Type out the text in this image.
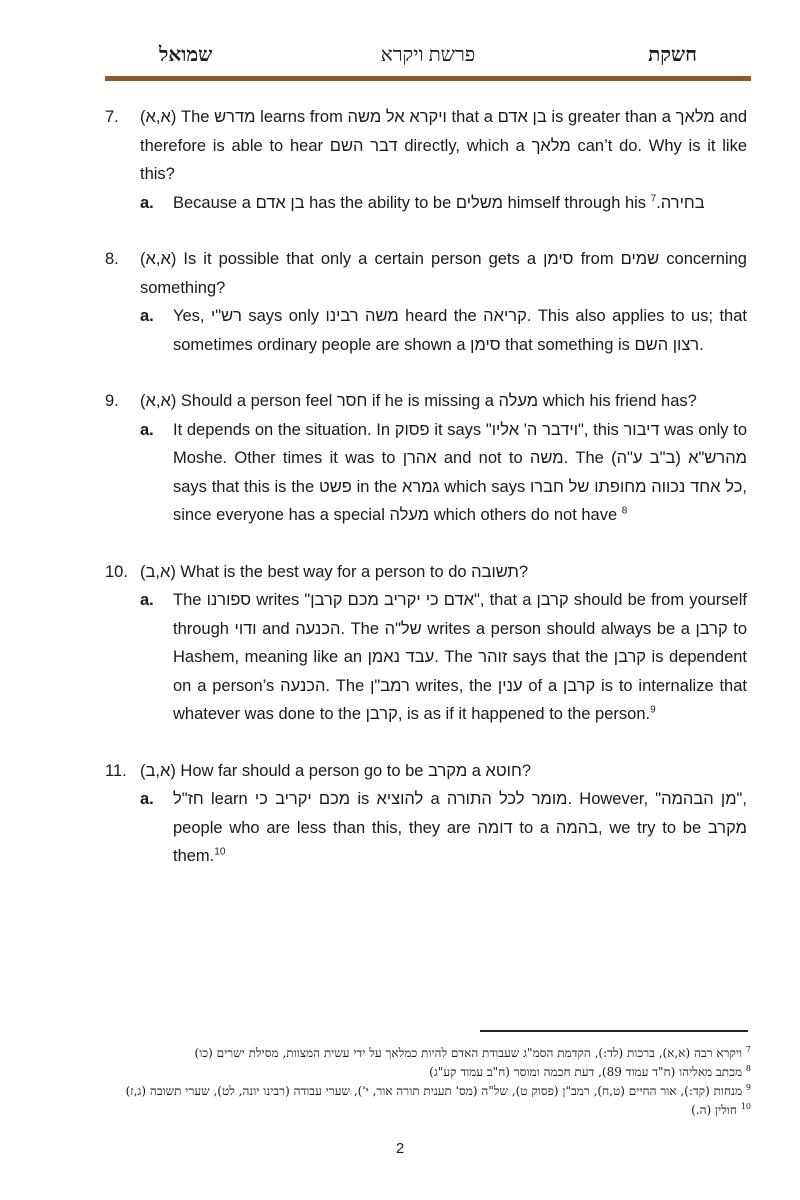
שמואל	פרשת ויקרא	חשקת
7. (א,א) The מדרש learns from ויקרא אל משה that a בן אדם is greater than a מלאך and therefore is able to hear דבר השם directly, which a מלאך can’t do. Why is it like this?
a. Because a בן אדם has the ability to be משלים himself through his בחירה.$^7$
8. (א,א) Is it possible that only a certain person gets a סימן from שמים concerning something?
a. Yes, רש"י says only משה רבינו heard the קריאה. This also applies to us; that sometimes ordinary people are shown a סימן that something is רצון השם.
9. (א,א) Should a person feel חסר if he is missing a מעלה which his friend has?
a. It depends on the situation. In פסוק it says "וידבר ה' אליו", this דיבור was only to Moshe. Other times it was to אהרן and not to משה. The מהרש"א (ב"ב ע"ה) says that this is the פשט in the גמרא which says כל אחד נכווה מחופתו של חברו, since everyone has a special מעלה which others do not have $^8$
10. (א,ב) What is the best way for a person to do תשובה?
a. The ספורנו writes "אדם כי יקריב מכם קרבן", that a קרבן should be from yourself through ודוי and הכנעה. The של"ה writes a person should always be a קרבן to Hashem, meaning like an עבד נאמן. The זוהר says that the קרבן is dependent on a person’s הכנעה. The רמב"ן writes, the ענין of a קרבן is to internalize that whatever was done to the קרבן, is as if it happened to the person.$^9$
11. (א,ב) How far should a person go to be מקרב a חוטא?
a. חז"ל learn מכם יקריב כי is להוציא a מומר לכל התורה. However, "מן הבהמה", people who are less than this, they are דומה to a בהמה, we try to be מקרב them.$^{10}$
$^7$ ויקרא רבה (א,א), ברכות (לד:), הקדמת הסמ"ג שעבודת האדם להיות כמלאך על ידי עשית המצוות, מסילת ישרים (כו)
$^8$ מכתב מאליהו (ח"ד עמוד 89), דעת חכמה ומוסר (ח"ב עמוד קע"ג)
$^9$ מנחות (קד:), אור החיים (ט,ח), רמב"ן (פסוק ט), של"ה (מס' תענית תורה אור, י'), שערי עבודה (רבינו יונה, לט), שערי תשובה (ג,ז)
$^{10}$ חולין (ה.)
2
